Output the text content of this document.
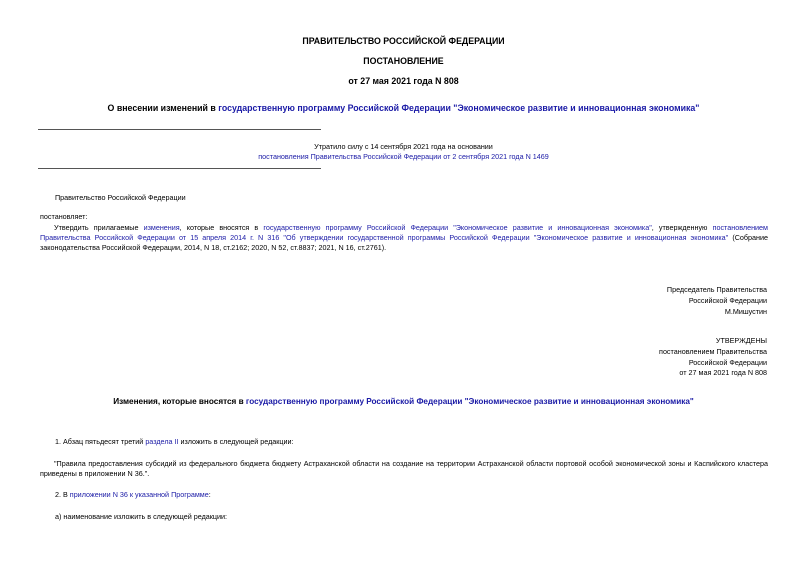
ПРАВИТЕЛЬСТВО РОССИЙСКОЙ ФЕДЕРАЦИИ
ПОСТАНОВЛЕНИЕ
от 27 мая 2021 года N 808
О внесении изменений в государственную программу Российской Федерации "Экономическое развитие и инновационная экономика"
Утратило силу с 14 сентября 2021 года на основании
постановления Правительства Российской Федерации от 2 сентября 2021 года N 1469
Правительство Российской Федерации
постановляет:
Утвердить прилагаемые изменения, которые вносятся в государственную программу Российской Федерации "Экономическое развитие и инновационная экономика", утвержденную постановлением Правительства Российской Федерации от 15 апреля 2014 г. N 316 "Об утверждении государственной программы Российской Федерации "Экономическое развитие и инновационная экономика" (Собрание законодательства Российской Федерации, 2014, N 18, ст.2162; 2020, N 52, ст.8837; 2021, N 16, ст.2761).
Председатель Правительства
Российской Федерации
М.Мишустин
УТВЕРЖДЕНЫ
постановлением Правительства
Российской Федерации
от 27 мая 2021 года N 808
Изменения, которые вносятся в государственную программу Российской Федерации "Экономическое развитие и инновационная экономика"
1. Абзац пятьдесят третий раздела II изложить в следующей редакции:
"Правила предоставления субсидий из федерального бюджета бюджету Астраханской области на создание на территории Астраханской области портовой особой экономической зоны и Каспийского кластера приведены в приложении N 36.".
2. В приложении N 36 к указанной Программе:
а) наименование изложить в следующей редакции:
